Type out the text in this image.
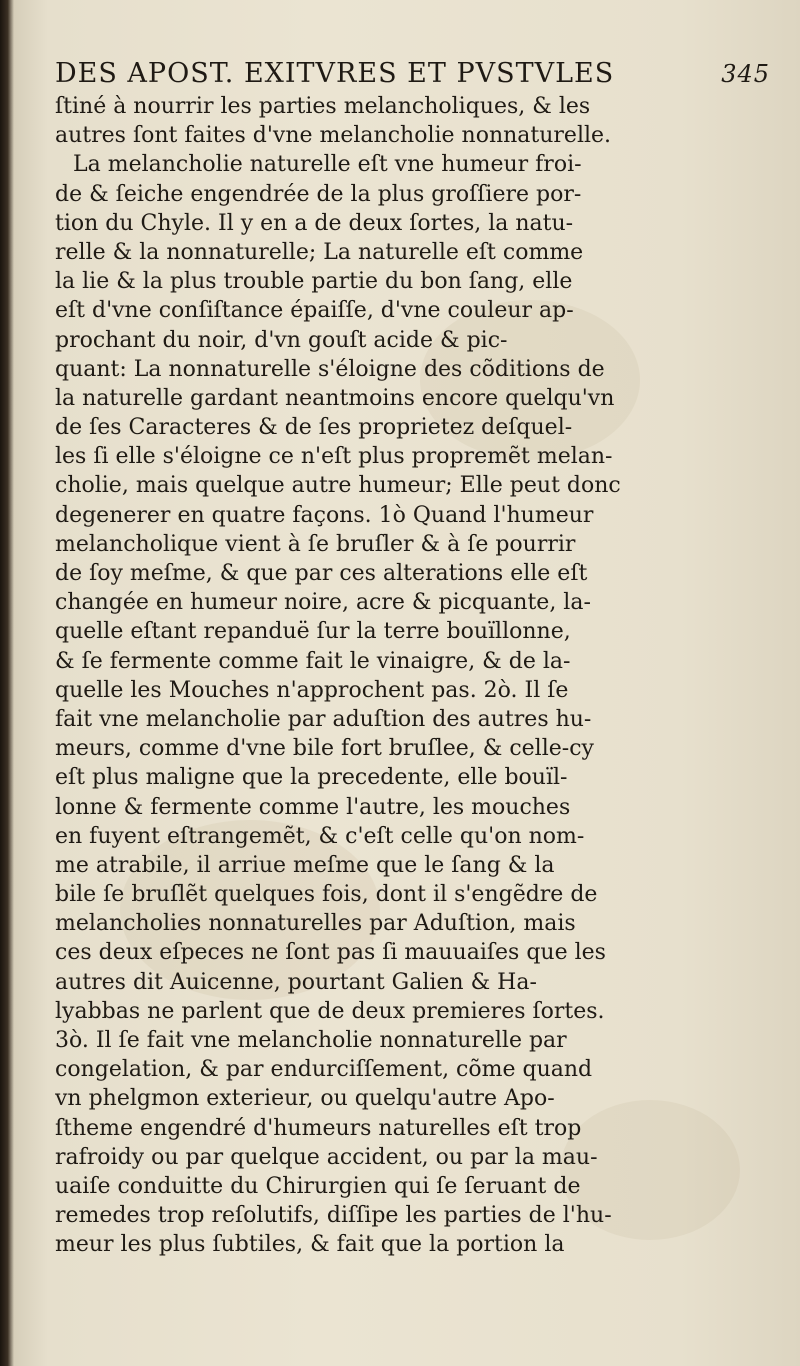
DES APOST. EXITVRES ET PVSTVLES	345
ſtiné à nourrir les parties melancholiques, & les
autres ſont faites d'vne melancholie nonnaturelle.
La melancholie naturelle eſt vne humeur froi-
de & ſeiche engendrée de la plus groſſiere por-
tion du Chyle. Il y en a de deux ſortes, la natu-
relle & la nonnaturelle; La naturelle eſt comme
la lie & la plus trouble partie du bon ſang, elle
eſt d'vne conſiſtance épaiſſe, d'vne couleur ap-
prochant du noir, d'vn gouſt acide & pic-
quant: La nonnaturelle s'éloigne des cõditions de
la naturelle gardant neantmoins encore quelqu'vn
de ſes Caracteres & de ſes proprietez deſquel-
les ſi elle s'éloigne ce n'eſt plus propremẽt melan-
cholie, mais quelque autre humeur; Elle peut donc
degenerer en quatre façons. 1ò Quand l'humeur
melancholique vient à ſe bruſler & à ſe pourrir
de ſoy meſme, & que par ces alterations elle eſt
changée en humeur noire, acre & picquante, la-
quelle eſtant repanduë ſur la terre bouïllonne,
& ſe fermente comme fait le vinaigre, & de la-
quelle les Mouches n'approchent pas. 2ò. Il ſe
fait vne melancholie par aduſtion des autres hu-
meurs, comme d'vne bile fort bruſlee, & celle-cy
eſt plus maligne que la precedente, elle bouïl-
lonne & fermente comme l'autre, les mouches
en fuyent eſtrangemẽt, & c'eſt celle qu'on nom-
me atrabile, il arriue meſme que le ſang & la
bile ſe bruſlẽt quelques fois, dont il s'engẽdre de
melancholies nonnaturelles par Aduſtion, mais
ces deux eſpeces ne ſont pas ſi mauuaiſes que les
autres dit Auicenne, pourtant Galien & Ha-
lyabbas ne parlent que de deux premieres ſortes.
3ò. Il ſe fait vne melancholie nonnaturelle par
congelation, & par endurciſſement, cõme quand
vn phelgmon exterieur, ou quelqu'autre Apo-
ſtheme engendré d'humeurs naturelles eſt trop
rafroidy ou par quelque accident, ou par la mau-
uaiſe conduitte du Chirurgien qui ſe ſeruant de
remedes trop reſolutifs, diſſipe les parties de l'hu-
meur les plus ſubtiles, & fait que la portion la
